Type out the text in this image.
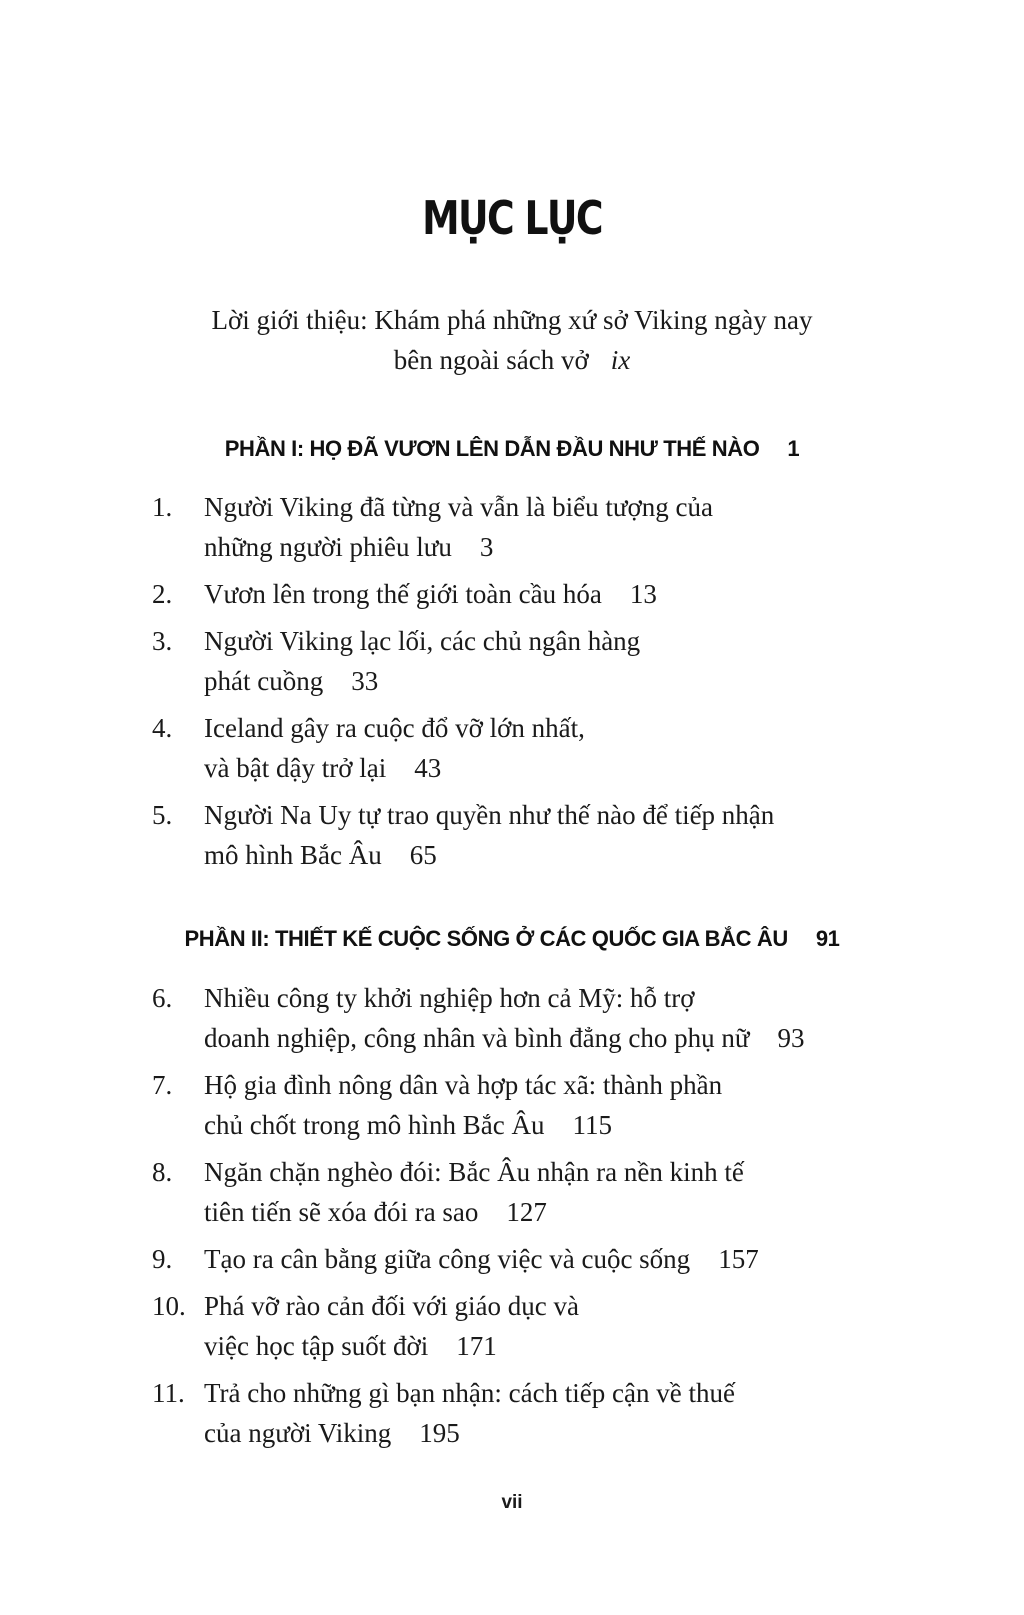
MỤC LỤC
Lời giới thiệu: Khám phá những xứ sở Viking ngày nay
bên ngoài sách vở ix
PHẦN I: HỌ ĐÃ VƯƠN LÊN DẪN ĐẦU NHƯ THẾ NÀO 1
1. Người Viking đã từng và vẫn là biểu tượng của
những người phiêu lưu 3
2. Vươn lên trong thế giới toàn cầu hóa 13
3. Người Viking lạc lối, các chủ ngân hàng
phát cuồng 33
4. Iceland gây ra cuộc đổ vỡ lớn nhất,
và bật dậy trở lại 43
5. Người Na Uy tự trao quyền như thế nào để tiếp nhận
mô hình Bắc Âu 65
PHẦN II: THIẾT KẾ CUỘC SỐNG Ở CÁC QUỐC GIA BẮC ÂU 91
6. Nhiều công ty khởi nghiệp hơn cả Mỹ: hỗ trợ
doanh nghiệp, công nhân và bình đẳng cho phụ nữ 93
7. Hộ gia đình nông dân và hợp tác xã: thành phần
chủ chốt trong mô hình Bắc Âu 115
8. Ngăn chặn nghèo đói: Bắc Âu nhận ra nền kinh tế
tiên tiến sẽ xóa đói ra sao 127
9. Tạo ra cân bằng giữa công việc và cuộc sống 157
10. Phá vỡ rào cản đối với giáo dục và
việc học tập suốt đời 171
11. Trả cho những gì bạn nhận: cách tiếp cận về thuế
của người Viking 195
vii
